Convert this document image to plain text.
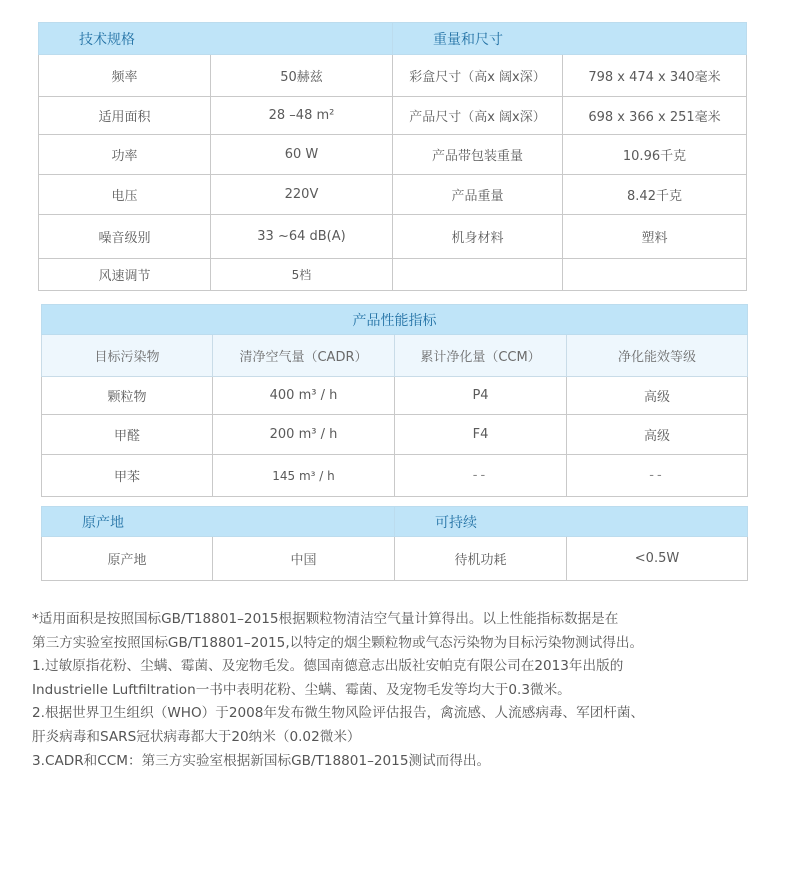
技术规格		重量和尺寸	
频率	50赫兹	彩盒尺寸（高x 阔x深）	798 x 474 x 340毫米
适用面积	28 –48 m²	产品尺寸（高x 阔x深）	698 x 366 x 251毫米
功率	60 W	产品带包装重量	10.96千克
电压	220V	产品重量	8.42千克
噪音级别	33 ~64 dB(A)	机身材料	塑料
风速调节	5档		
产品性能指标			
目标污染物	清净空气量（CADR）	累计净化量（CCM）	净化能效等级
颗粒物	400 m³ / h	P4	高级
甲醛	200 m³ / h	F4	高级
甲苯	145 m³ / h	--	--
原产地		可持续	
原产地	中国	待机功耗	<0.5W
*适用面积是按照国标GB/T18801–2015根据颗粒物清洁空气量计算得出。以上性能指标数据是在
第三方实验室按照国标GB/T18801–2015,以特定的烟尘颗粒物或气态污染物为目标污染物测试得出。
1.过敏原指花粉、尘螨、霉菌、及宠物毛发。德国南德意志出版社安帕克有限公司在2013年出版的
Industrielle Luftfiltration一书中表明花粉、尘螨、霉菌、及宠物毛发等均大于0.3微米。
2.根据世界卫生组织（WHO）于2008年发布微生物风险评估报告，禽流感、人流感病毒、军团杆菌、
肝炎病毒和SARS冠状病毒都大于20纳米（0.02微米）
3.CADR和CCM：第三方实验室根据新国标GB/T18801–2015测试而得出。
